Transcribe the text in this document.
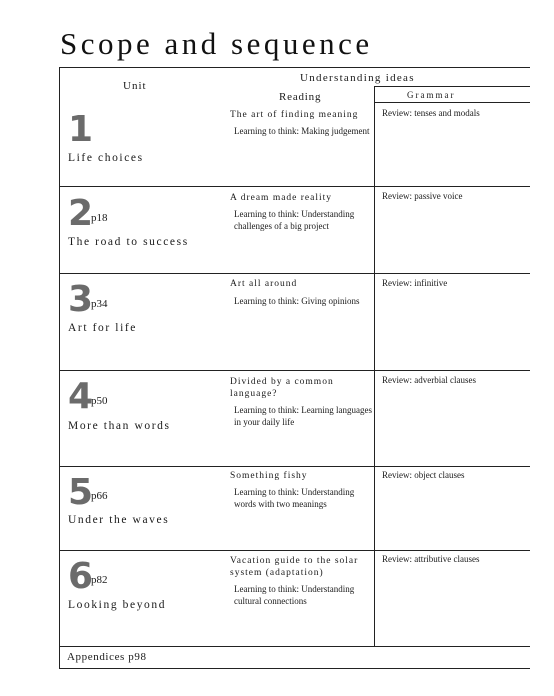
Scope and sequence
Unit
Understanding ideas
Reading	Grammar
1
Life choices
The art of finding meaning
Learning to think: Making judgement
Review: tenses and modals
2
p18
The road to success
A dream made reality
Learning to think: Understanding challenges of a big project
Review: passive voice
3
p34
Art for life
Art all around
Learning to think: Giving opinions
Review: infinitive
4
p50
More than words
Divided by a common language?
Learning to think: Learning languages in your daily life
Review: adverbial clauses
5
p66
Under the waves
Something fishy
Learning to think: Understanding words with two meanings
Review: object clauses
6
p82
Looking beyond
Vacation guide to the solar system (adaptation)
Learning to think: Understanding cultural connections
Review: attributive clauses
Appendices p98
